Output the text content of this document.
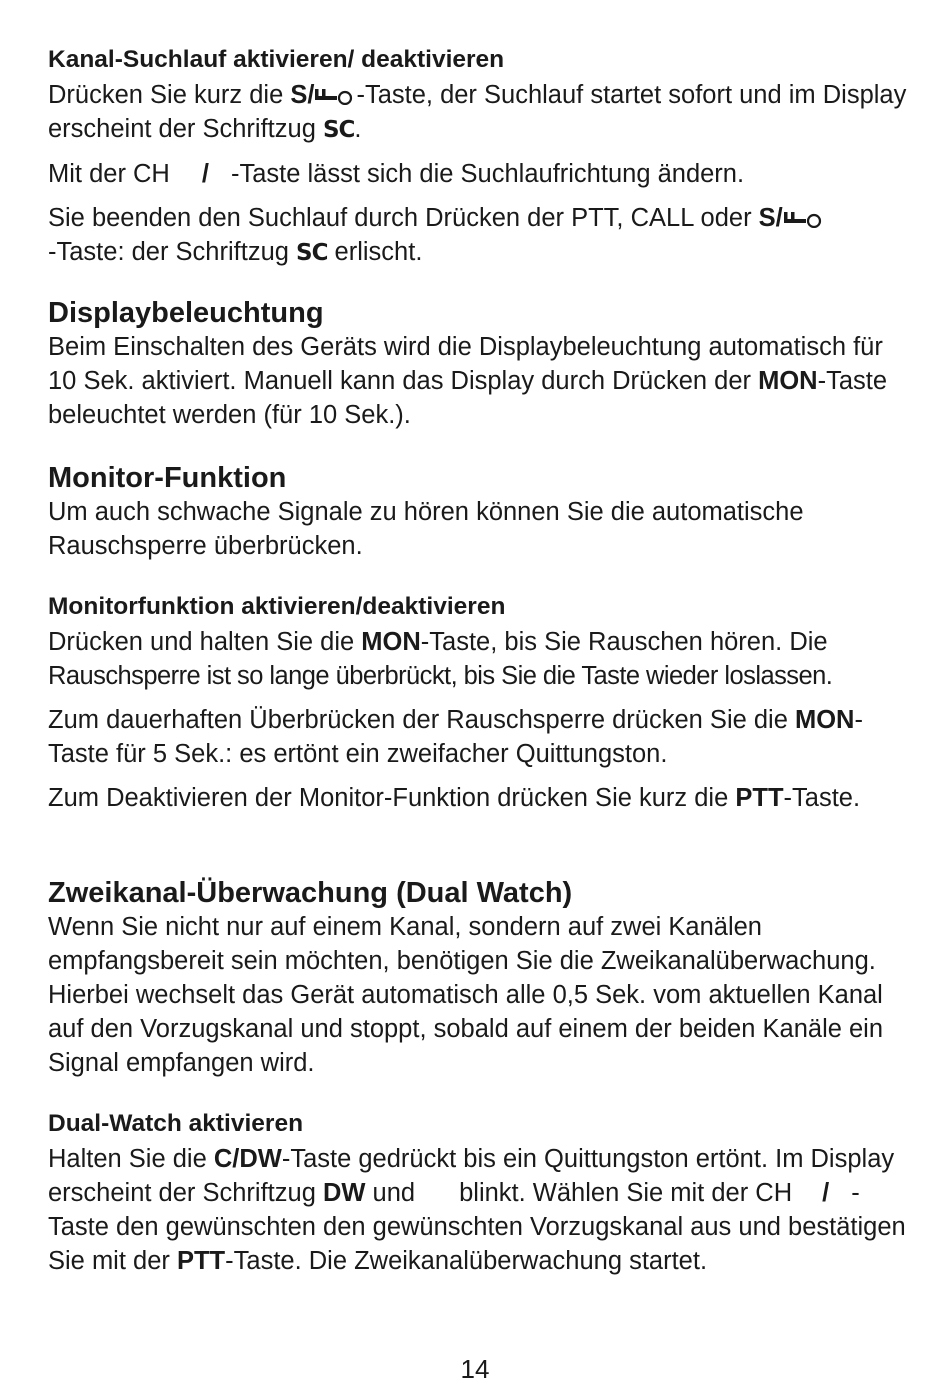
Kanal-Suchlauf aktivieren/ deaktivieren

Drücken Sie kurz die S/ -Taste, der Suchlauf startet sofort und im Display erscheint der Schriftzug SC.

Mit der CH / -Taste lässt sich die Suchlaufrichtung ändern.

Sie beenden den Suchlauf durch Drücken der PTT, CALL oder S/
-Taste: der Schriftzug SC erlischt.

Displaybeleuchtung

Beim Einschalten des Geräts wird die Displaybeleuchtung automatisch für 10 Sek. aktiviert. Manuell kann das Display durch Drücken der MON-Taste beleuchtet werden (für 10 Sek.).

Monitor-Funktion

Um auch schwache Signale zu hören können Sie die automatische Rauschsperre überbrücken.

Monitorfunktion aktivieren/deaktivieren

Drücken und halten Sie die MON-Taste, bis Sie Rauschen hören. Die
Rauschsperre ist so lange überbrückt, bis Sie die Taste wieder loslassen.

Zum dauerhaften Überbrücken der Rauschsperre drücken Sie die MON-Taste für 5 Sek.: es ertönt ein zweifacher Quittungston.

Zum Deaktivieren der Monitor-Funktion drücken Sie kurz die PTT-Taste.

Zweikanal-Überwachung (Dual Watch)

Wenn Sie nicht nur auf einem Kanal, sondern auf zwei Kanälen empfangsbereit sein möchten, benötigen Sie die Zweikanalüberwachung. Hierbei wechselt das Gerät automatisch alle 0,5 Sek. vom aktuellen Kanal auf den Vorzugskanal und stoppt, sobald auf einem der beiden Kanäle ein Signal empfangen wird.

Dual-Watch aktivieren

Halten Sie die C/DW-Taste gedrückt bis ein Quittungston ertönt. Im Display erscheint der Schriftzug DW und blinkt. Wählen Sie mit der CH / -Taste den gewünschten den gewünschten Vorzugskanal aus und bestätigen Sie mit der PTT-Taste. Die Zweikanalüberwachung startet.

14
